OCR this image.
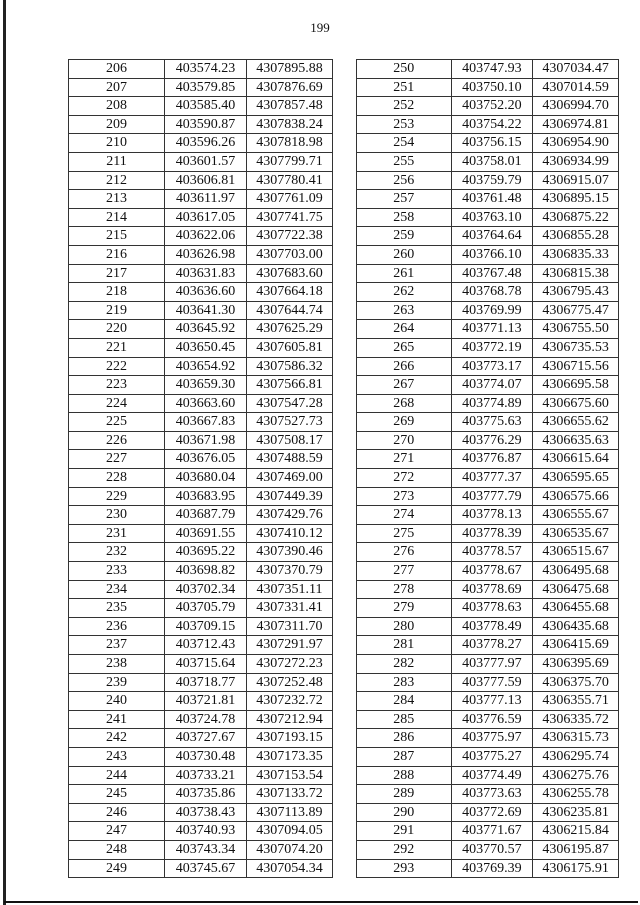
199
206	403574.23	4307895.88
207	403579.85	4307876.69
208	403585.40	4307857.48
209	403590.87	4307838.24
210	403596.26	4307818.98
211	403601.57	4307799.71
212	403606.81	4307780.41
213	403611.97	4307761.09
214	403617.05	4307741.75
215	403622.06	4307722.38
216	403626.98	4307703.00
217	403631.83	4307683.60
218	403636.60	4307664.18
219	403641.30	4307644.74
220	403645.92	4307625.29
221	403650.45	4307605.81
222	403654.92	4307586.32
223	403659.30	4307566.81
224	403663.60	4307547.28
225	403667.83	4307527.73
226	403671.98	4307508.17
227	403676.05	4307488.59
228	403680.04	4307469.00
229	403683.95	4307449.39
230	403687.79	4307429.76
231	403691.55	4307410.12
232	403695.22	4307390.46
233	403698.82	4307370.79
234	403702.34	4307351.11
235	403705.79	4307331.41
236	403709.15	4307311.70
237	403712.43	4307291.97
238	403715.64	4307272.23
239	403718.77	4307252.48
240	403721.81	4307232.72
241	403724.78	4307212.94
242	403727.67	4307193.15
243	403730.48	4307173.35
244	403733.21	4307153.54
245	403735.86	4307133.72
246	403738.43	4307113.89
247	403740.93	4307094.05
248	403743.34	4307074.20
249	403745.67	4307054.34
250	403747.93	4307034.47
251	403750.10	4307014.59
252	403752.20	4306994.70
253	403754.22	4306974.81
254	403756.15	4306954.90
255	403758.01	4306934.99
256	403759.79	4306915.07
257	403761.48	4306895.15
258	403763.10	4306875.22
259	403764.64	4306855.28
260	403766.10	4306835.33
261	403767.48	4306815.38
262	403768.78	4306795.43
263	403769.99	4306775.47
264	403771.13	4306755.50
265	403772.19	4306735.53
266	403773.17	4306715.56
267	403774.07	4306695.58
268	403774.89	4306675.60
269	403775.63	4306655.62
270	403776.29	4306635.63
271	403776.87	4306615.64
272	403777.37	4306595.65
273	403777.79	4306575.66
274	403778.13	4306555.67
275	403778.39	4306535.67
276	403778.57	4306515.67
277	403778.67	4306495.68
278	403778.69	4306475.68
279	403778.63	4306455.68
280	403778.49	4306435.68
281	403778.27	4306415.69
282	403777.97	4306395.69
283	403777.59	4306375.70
284	403777.13	4306355.71
285	403776.59	4306335.72
286	403775.97	4306315.73
287	403775.27	4306295.74
288	403774.49	4306275.76
289	403773.63	4306255.78
290	403772.69	4306235.81
291	403771.67	4306215.84
292	403770.57	4306195.87
293	403769.39	4306175.91
